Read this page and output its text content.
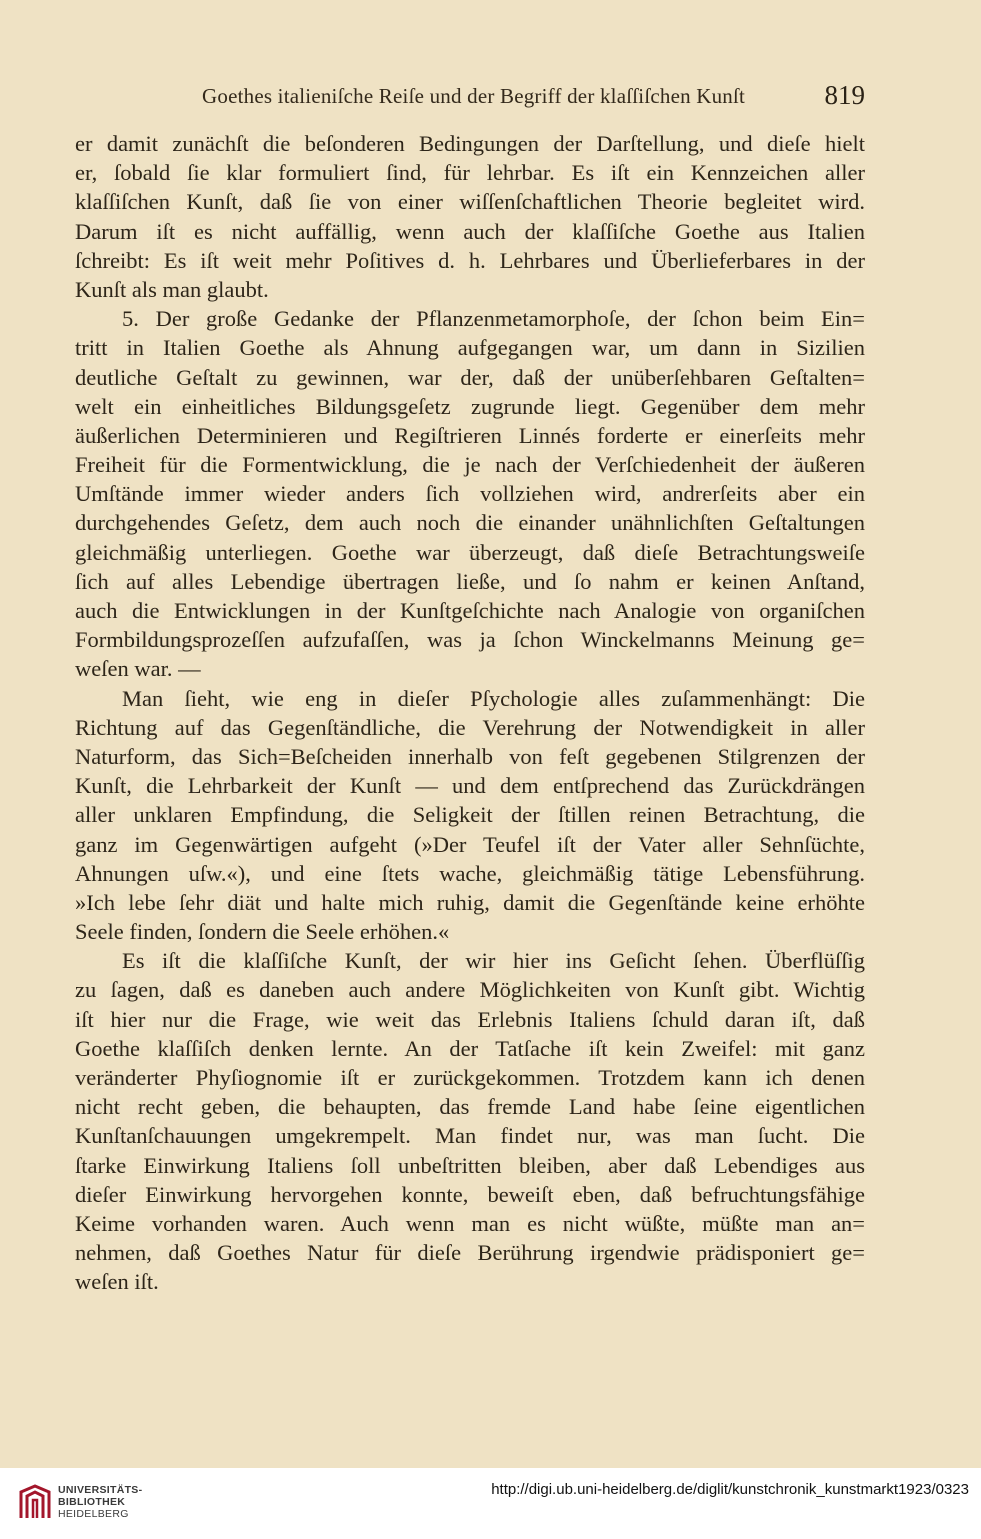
Goethes italieniſche Reiſe und der Begriff der klaſſiſchen Kunſt	819
er damit zunächſt die beſonderen Bedingungen der Darſtellung, und dieſe hielt
er, ſobald ſie klar formuliert ſind, für lehrbar. Es iſt ein Kennzeichen aller
klaſſiſchen Kunſt, daß ſie von einer wiſſenſchaftlichen Theorie begleitet wird.
Darum iſt es nicht auffällig, wenn auch der klaſſiſche Goethe aus Italien
ſchreibt: Es iſt weit mehr Poſitives d. h. Lehrbares und Überlieferbares in der
Kunſt als man glaubt.
5. Der große Gedanke der Pflanzenmetamorphoſe, der ſchon beim Ein=
tritt in Italien Goethe als Ahnung aufgegangen war, um dann in Sizilien
deutliche Geſtalt zu gewinnen, war der, daß der unüberſehbaren Geſtalten=
welt ein einheitliches Bildungsgeſetz zugrunde liegt. Gegenüber dem mehr
äußerlichen Determinieren und Regiſtrieren Linnés forderte er einerſeits mehr
Freiheit für die Formentwicklung, die je nach der Verſchiedenheit der äußeren
Umſtände immer wieder anders ſich vollziehen wird, andrerſeits aber ein
durchgehendes Geſetz, dem auch noch die einander unähnlichſten Geſtaltungen
gleichmäßig unterliegen. Goethe war überzeugt, daß dieſe Betrachtungsweiſe
ſich auf alles Lebendige übertragen ließe, und ſo nahm er keinen Anſtand,
auch die Entwicklungen in der Kunſtgeſchichte nach Analogie von organiſchen
Formbildungsprozeſſen aufzufaſſen, was ja ſchon Winckelmanns Meinung ge=
weſen war. —
Man ſieht, wie eng in dieſer Pſychologie alles zuſammenhängt: Die
Richtung auf das Gegenſtändliche, die Verehrung der Notwendigkeit in aller
Naturform, das Sich=Beſcheiden innerhalb von feſt gegebenen Stilgrenzen der
Kunſt, die Lehrbarkeit der Kunſt — und dem entſprechend das Zurückdrängen
aller unklaren Empfindung, die Seligkeit der ſtillen reinen Betrachtung, die
ganz im Gegenwärtigen aufgeht (»Der Teufel iſt der Vater aller Sehnſüchte,
Ahnungen uſw.«), und eine ſtets wache, gleichmäßig tätige Lebensführung.
»Ich lebe ſehr diät und halte mich ruhig, damit die Gegenſtände keine erhöhte
Seele finden, ſondern die Seele erhöhen.«
Es iſt die klaſſiſche Kunſt, der wir hier ins Geſicht ſehen. Überflüſſig
zu ſagen, daß es daneben auch andere Möglichkeiten von Kunſt gibt. Wichtig
iſt hier nur die Frage, wie weit das Erlebnis Italiens ſchuld daran iſt, daß
Goethe klaſſiſch denken lernte. An der Tatſache iſt kein Zweifel: mit ganz
veränderter Phyſiognomie iſt er zurückgekommen. Trotzdem kann ich denen
nicht recht geben, die behaupten, das fremde Land habe ſeine eigentlichen
Kunſtanſchauungen umgekrempelt. Man findet nur, was man ſucht. Die
ſtarke Einwirkung Italiens ſoll unbeſtritten bleiben, aber daß Lebendiges aus
dieſer Einwirkung hervorgehen konnte, beweiſt eben, daß befruchtungsfähige
Keime vorhanden waren. Auch wenn man es nicht wüßte, müßte man an=
nehmen, daß Goethes Natur für dieſe Berührung irgendwie prädisponiert ge=
weſen iſt.
UNIVERSITÄTS-
BIBLIOTHEK
HEIDELBERG
http://digi.ub.uni-heidelberg.de/diglit/kunstchronik_kunstmarkt1923/0323
